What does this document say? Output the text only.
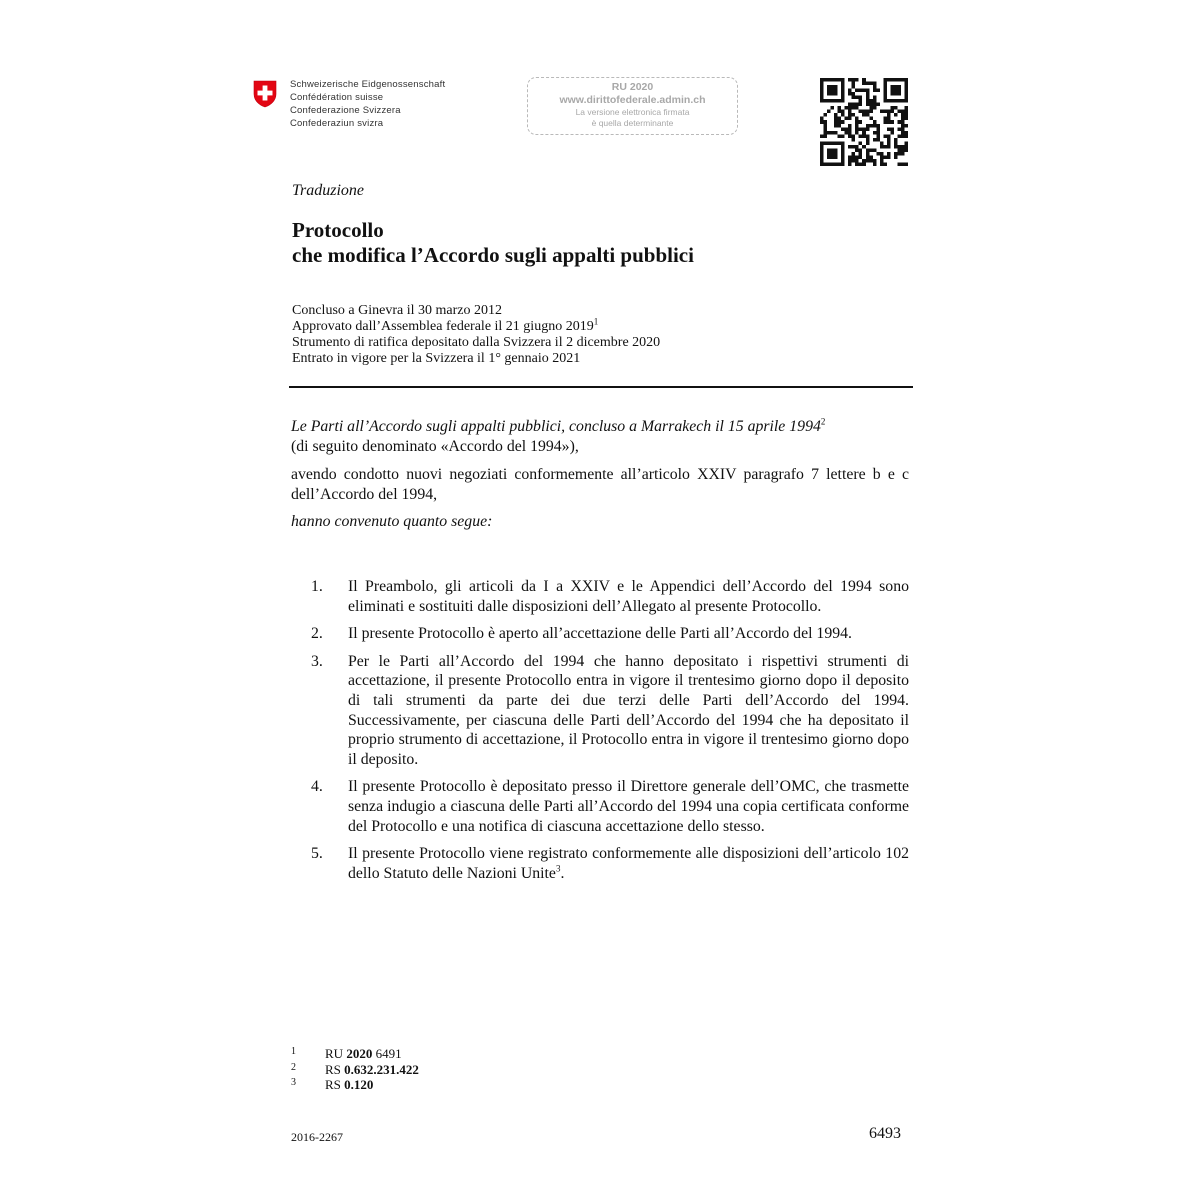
Schweizerische Eidgenossenschaft
Confédération suisse
Confederazione Svizzera
Confederaziun svizra
RU 2020
www.dirittofederale.admin.ch
La versione elettronica firmata
è quella determinante
Traduzione
Protocollo
che modifica l’Accordo sugli appalti pubblici
Concluso a Ginevra il 30 marzo 2012
Approvato dall’Assemblea federale il 21 giugno 2019$^1$
Strumento di ratifica depositato dalla Svizzera il 2 dicembre 2020
Entrato in vigore per la Svizzera il 1° gennaio 2021
Le Parti all’Accordo sugli appalti pubblici, concluso a Marrakech il 15 aprile 1994$^2$
(di seguito denominato «Accordo del 1994»),
avendo condotto nuovi negoziati conformemente all’articolo XXIV paragrafo 7 lettere b e c dell’Accordo del 1994,
hanno convenuto quanto segue:
1. Il Preambolo, gli articoli da I a XXIV e le Appendici dell’Accordo del 1994 sono eliminati e sostituiti dalle disposizioni dell’Allegato al presente Protocollo.
2. Il presente Protocollo è aperto all’accettazione delle Parti all’Accordo del 1994.
3. Per le Parti all’Accordo del 1994 che hanno depositato i rispettivi strumenti di accettazione, il presente Protocollo entra in vigore il trentesimo giorno dopo il deposito di tali strumenti da parte dei due terzi delle Parti dell’Accordo del 1994. Successivamente, per ciascuna delle Parti dell’Accordo del 1994 che ha depositato il proprio strumento di accettazione, il Protocollo entra in vigore il trentesimo giorno dopo il deposito.
4. Il presente Protocollo è depositato presso il Direttore generale dell’OMC, che trasmette senza indugio a ciascuna delle Parti all’Accordo del 1994 una copia certificata conforme del Protocollo e una notifica di ciascuna accettazione dello stesso.
5. Il presente Protocollo viene registrato conformemente alle disposizioni dell’articolo 102 dello Statuto delle Nazioni Unite$^3$.
1 RU 2020 6491
2 RS 0.632.231.422
3 RS 0.120
2016-2267	6493
